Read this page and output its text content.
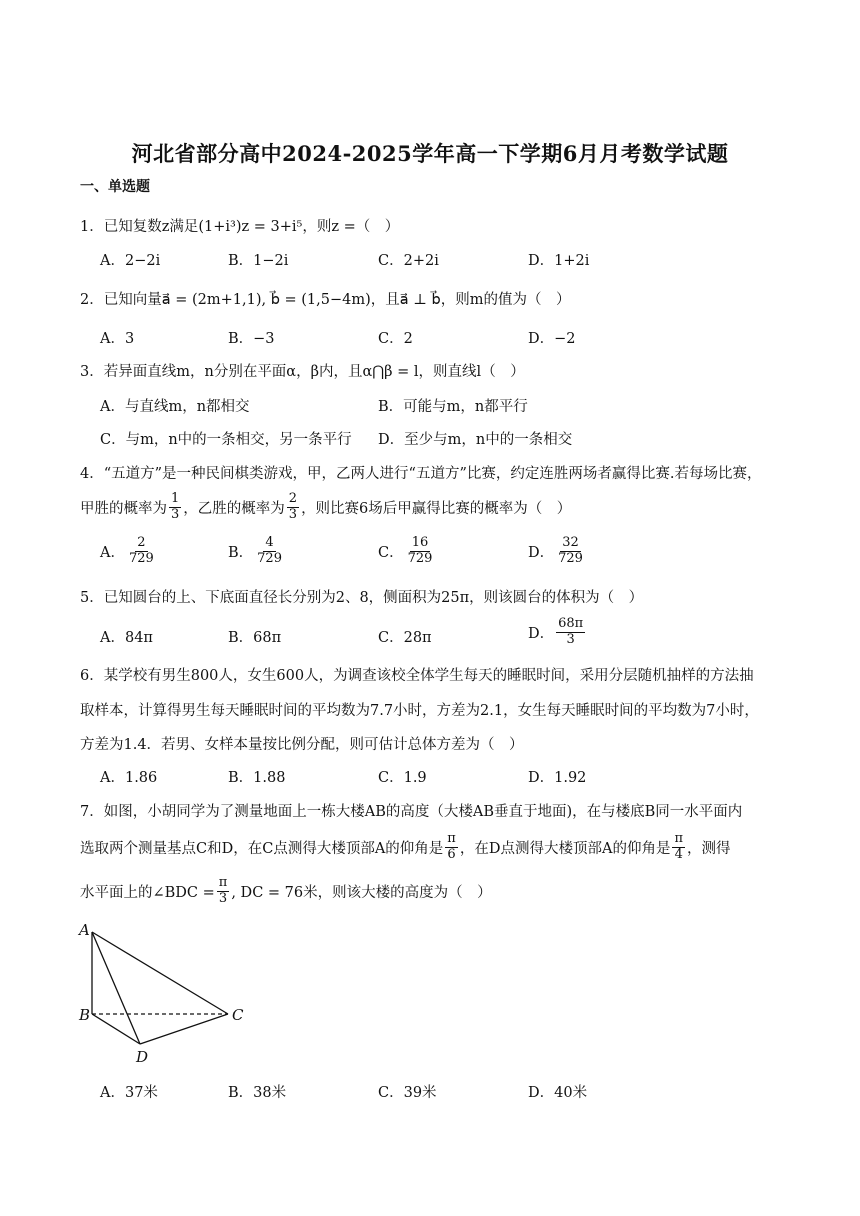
河北省部分高中2024-2025学年高一下学期6月月考数学试题
一、单选题
1．已知复数z满足(1+i³)z = 3+i⁵，则z =（　）
A．2−2i	B．1−2i	C．2+2i	D．1+2i
2．已知向量a⃗ = (2m+1,1), b⃗ = (1,5−4m)，且a⃗ ⊥ b⃗，则m的值为（　）
A．3	B．−3	C．2	D．−2
3．若异面直线m，n分别在平面α，β内，且α⋂β = l，则直线l（　）
A．与直线m，n都相交	B．可能与m，n都平行
C．与m，n中的一条相交，另一条平行 D．至少与m，n中的一条相交
4．“五道方”是一种民间棋类游戏，甲，乙两人进行“五道方”比赛，约定连胜两场者赢得比赛.若每场比赛，
甲胜的概率为 $\frac{1}{3}$ ，乙胜的概率为 $\frac{2}{3}$ ，则比赛6场后甲赢得比赛的概率为（　）
A． $\frac{2}{729}$	B． $\frac{4}{729}$	C． $\frac{16}{729}$	D． $\frac{32}{729}$
5．已知圆台的上、下底面直径长分别为2、8，侧面积为25π，则该圆台的体积为（　）
A．84π	B．68π	C．28π	D． $\frac{68\pi}{3}$
6．某学校有男生800人，女生600人，为调查该校全体学生每天的睡眠时间，采用分层随机抽样的方法抽
取样本，计算得男生每天睡眠时间的平均数为7.7小时，方差为2.1，女生每天睡眠时间的平均数为7小时，
方差为1.4．若男、女样本量按比例分配，则可估计总体方差为（　）
A．1.86	B．1.88	C．1.9	D．1.92
7．如图，小胡同学为了测量地面上一栋大楼AB的高度（大楼AB垂直于地面)，在与楼底B同一水平面内
选取两个测量基点C和D，在C点测得大楼顶部A的仰角是 $\frac{\pi}{6}$ ，在D点测得大楼顶部A的仰角是 $\frac{\pi}{4}$ ，测得
水平面上的∠BDC = $\frac{\pi}{3}$ , DC = 76米，则该大楼的高度为（　）
A
B	C
D
A．37米	B．38米	C．39米	D．40米
